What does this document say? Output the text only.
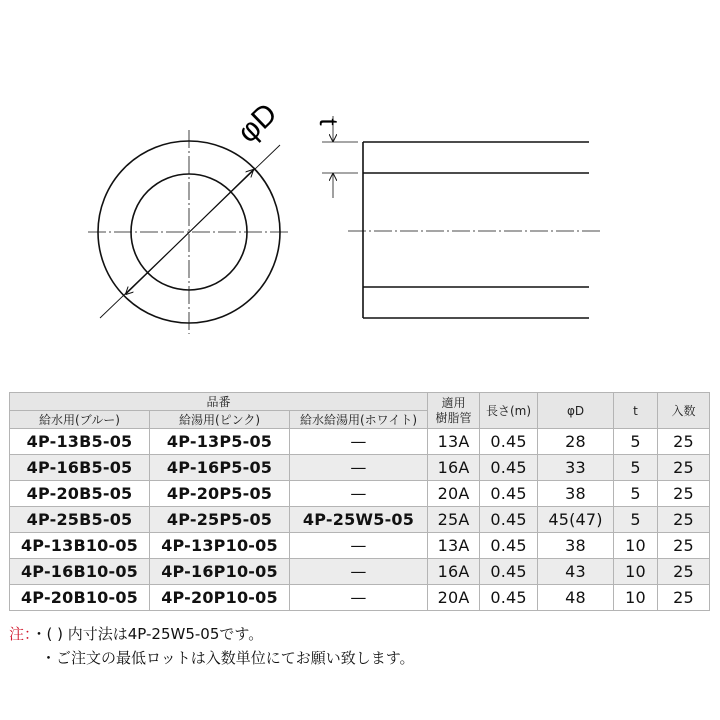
φD t
品番			適用
樹脂管	長さ(m)	φD	t	入数
給水用(ブルー)	給湯用(ピンク)	給水給湯用(ホワイト)					
4P-13B5-05	4P-13P5-05	—	13A	0.45	28	5	25
4P-16B5-05	4P-16P5-05	—	16A	0.45	33	5	25
4P-20B5-05	4P-20P5-05	—	20A	0.45	38	5	25
4P-25B5-05	4P-25P5-05	4P-25W5-05	25A	0.45	45(47)	5	25
4P-13B10-05	4P-13P10-05	—	13A	0.45	38	10	25
4P-16B10-05	4P-16P10-05	—	16A	0.45	43	10	25
4P-20B10-05	4P-20P10-05	—	20A	0.45	48	10	25
注：・( ) 内寸法は4P-25W5-05です。
・ご注文の最低ロットは入数単位にてお願い致します。
